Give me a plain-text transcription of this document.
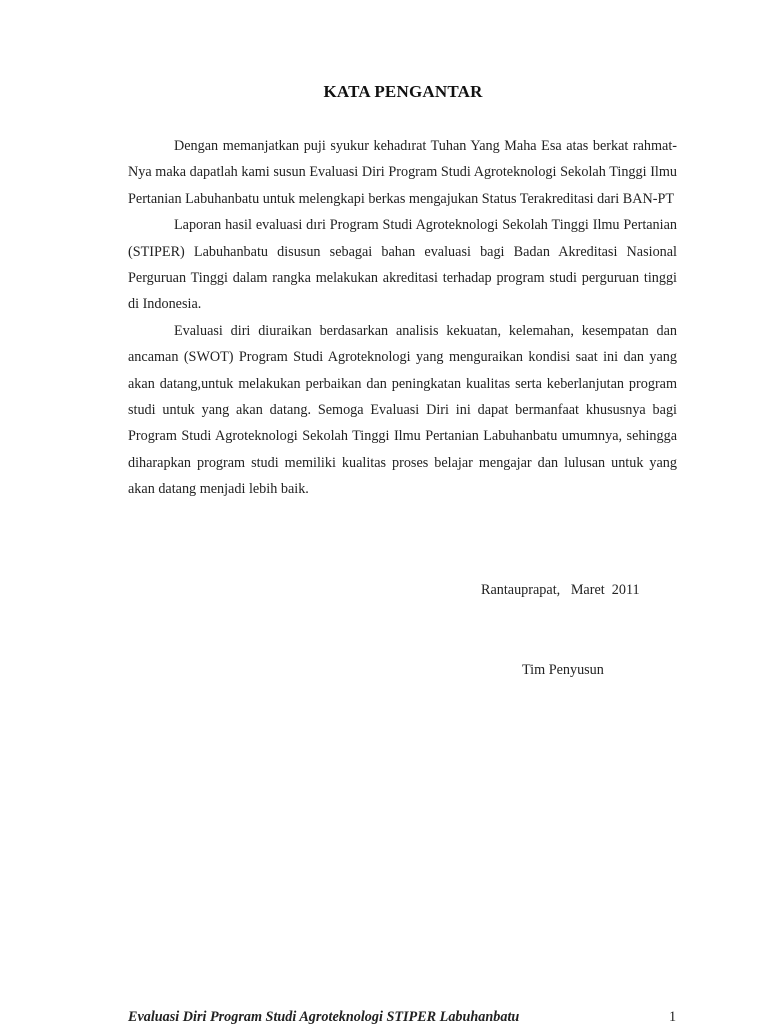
KATA PENGANTAR

Dengan memanjatkan puji syukur kehadırat Tuhan Yang Maha Esa atas berkat rahmat-Nya maka dapatlah kami susun Evaluasi Diri Program Studi Agroteknologi Sekolah Tinggi Ilmu Pertanian Labuhanbatu untuk melengkapi berkas mengajukan Status Terakreditasi dari BAN-PT

Laporan hasil evaluasi dıri Program Studi Agroteknologi Sekolah Tinggi Ilmu Pertanian (STIPER) Labuhanbatu disusun sebagai bahan evaluasi bagi Badan Akreditasi Nasional Perguruan Tinggi dalam rangka melakukan akreditasi terhadap program studi perguruan tinggi di Indonesia.

Evaluasi diri diuraikan berdasarkan analisis kekuatan, kelemahan, kesempatan dan ancaman (SWOT) Program Studi Agroteknologi yang menguraikan kondisi saat ini dan yang akan datang,untuk melakukan perbaikan dan peningkatan kualitas serta keberlanjutan program studi untuk yang akan datang. Semoga Evaluasi Diri ini dapat bermanfaat khususnya bagi Program Studi Agroteknologi Sekolah Tinggi Ilmu Pertanian Labuhanbatu umumnya, sehingga diharapkan program studi memiliki kualitas proses belajar mengajar dan lulusan untuk yang akan datang menjadi lebih baik.

Rantauprapat,   Maret  2011
Tim Penyusun
Evaluasi Diri Program Studi Agroteknologi STIPER Labuhanbatu	1
